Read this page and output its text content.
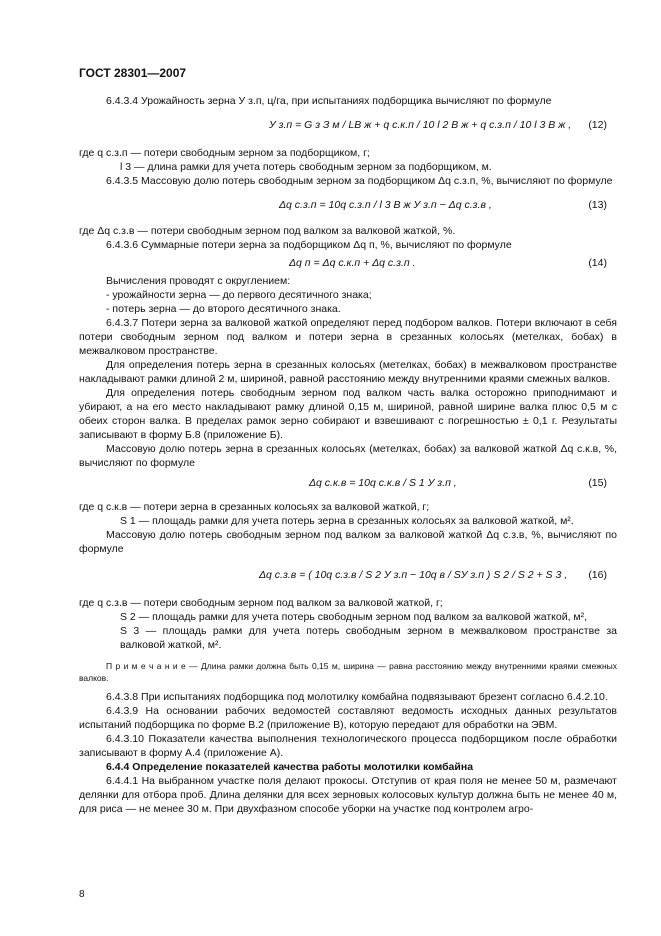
ГОСТ 28301—2007
6.4.3.4 Урожайность зерна У з.п, ц/га, при испытаниях подборщика вычисляют по формуле
У з.п = G з З м / LB ж + q с.к.п / 10 l 2 B ж + q с.з.п / 10 l 3 B ж , (12)
где q с.з.п — потери свободным зерном за подборщиком, г;
l 3 — длина рамки для учета потерь свободным зерном за подборщиком, м.
6.4.3.5 Массовую долю потерь свободным зерном за подборщиком Δq с.з.п, %, вычисляют по формуле
Δq с.з.п = 10q с.з.п / l 3 B ж У з.п − Δq с.з.в ,	(13)
где Δq с.з.в — потери свободным зерном под валком за валковой жаткой, %.
6.4.3.6 Суммарные потери зерна за подборщиком Δq п, %, вычисляют по формуле
Δq п = Δq с.к.п + Δq с.з.п .	(14)
Вычисления проводят с округлением:
- урожайности зерна — до первого десятичного знака;
- потерь зерна — до второго десятичного знака.
6.4.3.7 Потери зерна за валковой жаткой определяют перед подбором валков. Потери включают в себя потери свободным зерном под валком и потери зерна в срезанных колосьях (метелках, бобах) в межвалковом пространстве.
Для определения потерь зерна в срезанных колосьях (метелках, бобах) в межвалковом пространстве накладывают рамки длиной 2 м, шириной, равной расстоянию между внутренними краями смежных валков.
Для определения потерь свободным зерном под валком часть валка осторожно приподнимают и убирают, а на его место накладывают рамку длиной 0,15 м, шириной, равной ширине валка плюс 0,5 м с обеих сторон валка. В пределах рамок зерно собирают и взвешивают с погрешностью ± 0,1 г. Результаты записывают в форму Б.8 (приложение Б).
Массовую долю потерь зерна в срезанных колосьях (метелках, бобах) за валковой жаткой Δq с.к.в, %, вычисляют по формуле
Δq с.к.в = 10q с.к.в / S 1 У з.п ,	(15)
где q с.к.в — потери зерна в срезанных колосьях за валковой жаткой, г;
S 1 — площадь рамки для учета потерь зерна в срезанных колосьях за валковой жаткой, м².
Массовую долю потерь свободным зерном под валком за валковой жаткой Δq с.з.в, %, вычисляют по формуле
Δq с.з.в = ( 10q с.з.в / S 2 У з.п − 10q в / SУ з.п ) S 2 / S 2 + S 3 , (16)
где q с.з.в — потери свободным зерном под валком за валковой жаткой, г;
S 2 — площадь рамки для учета потерь свободным зерном под валком за валковой жаткой, м²,
S 3 — площадь рамки для учета потерь свободным зерном в межвалковом пространстве за валковой жаткой, м².
П р и м е ч а н и е — Длина рамки должна быть 0,15 м, ширина — равна расстоянию между внутренними краями смежных валков.
6.4.3.8 При испытаниях подборщика под молотилку комбайна подвязывают брезент согласно 6.4.2.10.
6.4.3.9 На основании рабочих ведомостей составляют ведомость исходных данных результатов испытаний подборщика по форме В.2 (приложение В), которую передают для обработки на ЭВМ.
6.4.3.10 Показатели качества выполнения технологического процесса подборщиком после обработки записывают в форму А.4 (приложение А).
6.4.4 Определение показателей качества работы молотилки комбайна
6.4.4.1 На выбранном участке поля делают прокосы. Отступив от края поля не менее 50 м, размечают делянки для отбора проб. Длина делянки для всех зерновых колосовых культур должна быть не менее 40 м, для риса — не менее 30 м. При двухфазном способе уборки на участке под контролем агро-
8
